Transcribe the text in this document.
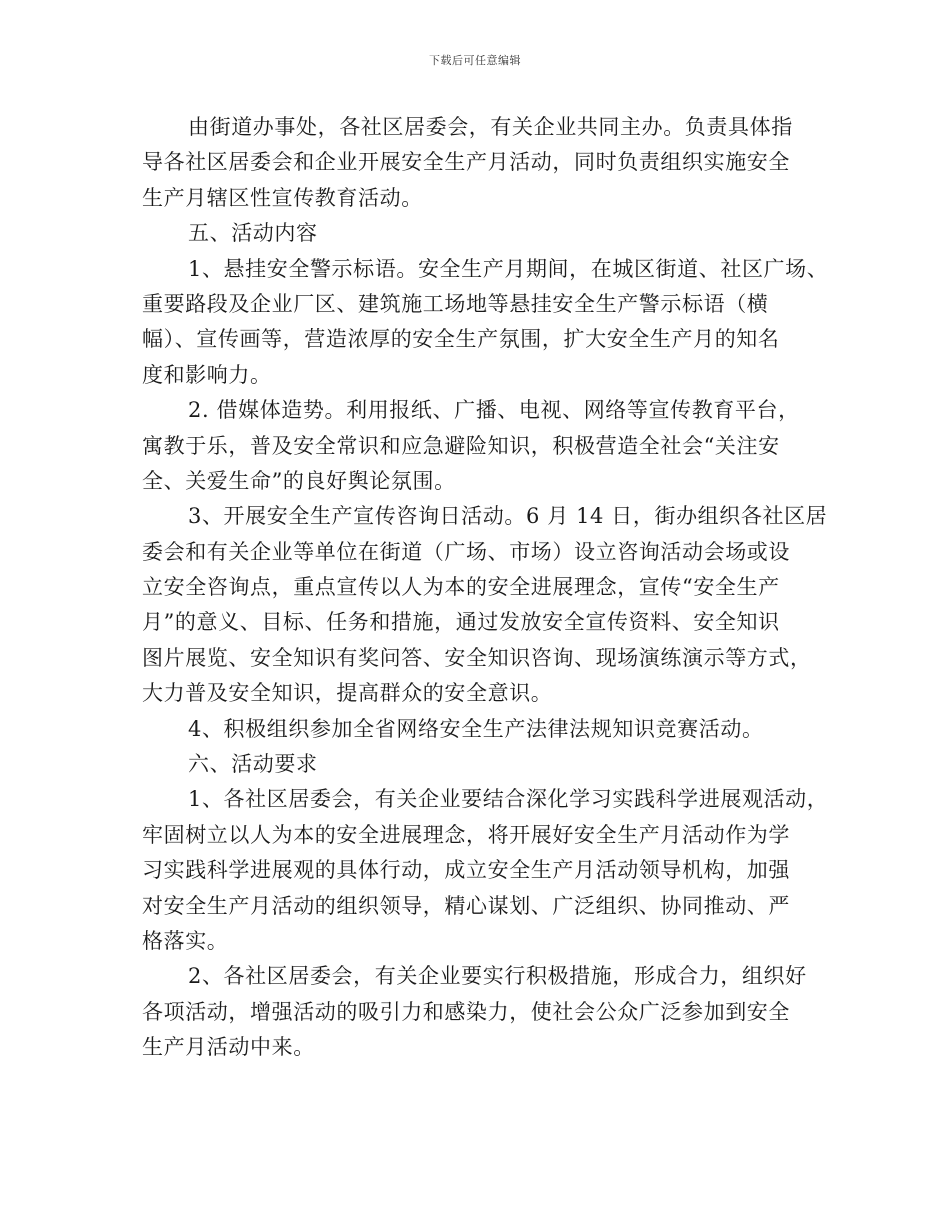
下载后可任意编辑
由街道办事处，各社区居委会，有关企业共同主办。负责具体指
导各社区居委会和企业开展安全生产月活动，同时负责组织实施安全
生产月辖区性宣传教育活动。
五、活动内容
1、悬挂安全警示标语。安全生产月期间，在城区街道、社区广场、
重要路段及企业厂区、建筑施工场地等悬挂安全生产警示标语（横
幅）、宣传画等，营造浓厚的安全生产氛围，扩大安全生产月的知名
度和影响力。
2. 借媒体造势。利用报纸、广播、电视、网络等宣传教育平台，
寓教于乐，普及安全常识和应急避险知识，积极营造全社会“关注安
全、关爱生命”的良好舆论氛围。
3、开展安全生产宣传咨询日活动。6 月 14 日，街办组织各社区居
委会和有关企业等单位在街道（广场、市场）设立咨询活动会场或设
立安全咨询点，重点宣传以人为本的安全进展理念，宣传“安全生产
月”的意义、目标、任务和措施，通过发放安全宣传资料、安全知识
图片展览、安全知识有奖问答、安全知识咨询、现场演练演示等方式，
大力普及安全知识，提高群众的安全意识。
4、积极组织参加全省网络安全生产法律法规知识竞赛活动。
六、活动要求
1、各社区居委会，有关企业要结合深化学习实践科学进展观活动，
牢固树立以人为本的安全进展理念，将开展好安全生产月活动作为学
习实践科学进展观的具体行动，成立安全生产月活动领导机构，加强
对安全生产月活动的组织领导，精心谋划、广泛组织、协同推动、严
格落实。
2、各社区居委会，有关企业要实行积极措施，形成合力，组织好
各项活动，增强活动的吸引力和感染力，使社会公众广泛参加到安全
生产月活动中来。
